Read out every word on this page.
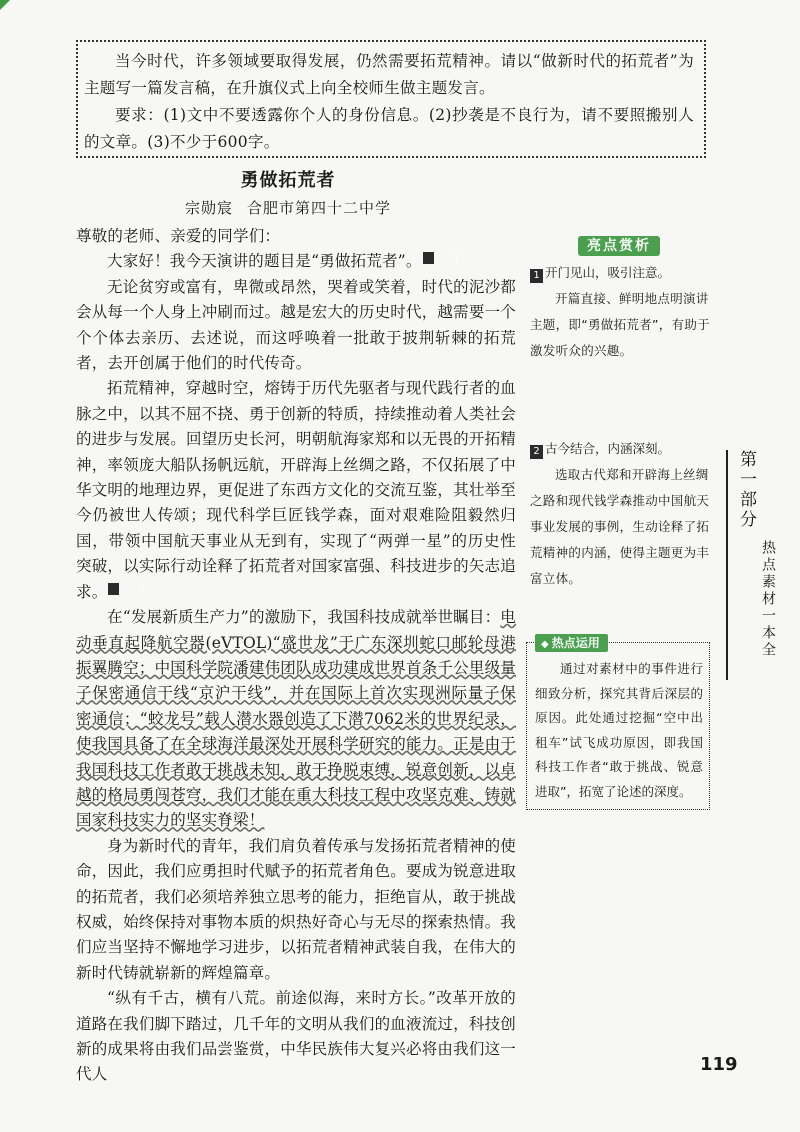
当今时代，许多领域要取得发展，仍然需要拓荒精神。请以“做新时代的拓荒者”为主题写一篇发言稿，在升旗仪式上向全校师生做主题发言。

要求：(1)文中不要透露你个人的身份信息。(2)抄袭是不良行为，请不要照搬别人的文章。(3)不少于600字。

勇做拓荒者
宗勋宸 合肥市第四十二中学

尊敬的老师、亲爱的同学们：

大家好！我今天演讲的题目是“勇做拓荒者”。	1

无论贫穷或富有，卑微或昂然，哭着或笑着，时代的泥沙都会从每一个人身上冲刷而过。越是宏大的历史时代，越需要一个个个体去亲历、去述说，而这呼唤着一批敢于披荆斩棘的拓荒者，去开创属于他们的时代传奇。

拓荒精神，穿越时空，熔铸于历代先驱者与现代践行者的血脉之中，以其不屈不挠、勇于创新的特质，持续推动着人类社会的进步与发展。回望历史长河，明朝航海家郑和以无畏的开拓精神，率领庞大船队扬帆远航，开辟海上丝绸之路，不仅拓展了中华文明的地理边界，更促进了东西方文化的交流互鉴，其壮举至今仍被世人传颂；现代科学巨匠钱学森，面对艰难险阻毅然归国，带领中国航天事业从无到有，实现了“两弹一星”的历史性突破，以实际行动诠释了拓荒者对国家富强、科技进步的矢志追求。	2

在“发展新质生产力”的激励下，我国科技成就举世瞩目：电动垂直起降航空器(eVTOL)“盛世龙”于广东深圳蛇口邮轮母港振翼腾空；中国科学院潘建伟团队成功建成世界首条千公里级量子保密通信干线“京沪干线”，并在国际上首次实现洲际量子保密通信；“蛟龙号”载人潜水器创造了下潜7062米的世界纪录，使我国具备了在全球海洋最深处开展科学研究的能力。正是由于我国科技工作者敢于挑战未知，敢于挣脱束缚，锐意创新，以卓越的格局勇闯苍穹，我们才能在重大科技工程中攻坚克难、铸就国家科技实力的坚实脊梁！

身为新时代的青年，我们肩负着传承与发扬拓荒者精神的使命，因此，我们应勇担时代赋予的拓荒者角色。要成为锐意进取的拓荒者，我们必须培养独立思考的能力，拒绝盲从，敢于挑战权威，始终保持对事物本质的炽热好奇心与无尽的探索热情。我们应当坚持不懈地学习进步，以拓荒者精神武装自我，在伟大的新时代铸就崭新的辉煌篇章。

“纵有千古，横有八荒。前途似海，来时方长。”改革开放的道路在我们脚下踏过，几千年的文明从我们的血液流过，科技创新的成果将由我们品尝鉴赏，中华民族伟大复兴必将由我们这一代人

亮点赏析

1 开门见山，吸引注意。

开篇直接、鲜明地点明演讲主题，即“勇做拓荒者”，有助于激发听众的兴趣。

2 古今结合，内涵深刻。

选取古代郑和开辟海上丝绸之路和现代钱学森推动中国航天事业发展的事例，生动诠释了拓荒精神的内涵，使得主题更为丰富立体。

◆ 热点运用

通过对素材中的事件进行细致分析，探究其背后深层的原因。此处通过挖掘“空中出租车”试飞成功原因，即我国科技工作者“敢于挑战、锐意进取”，拓宽了论述的深度。

第一部分
热点素材一本全
119
